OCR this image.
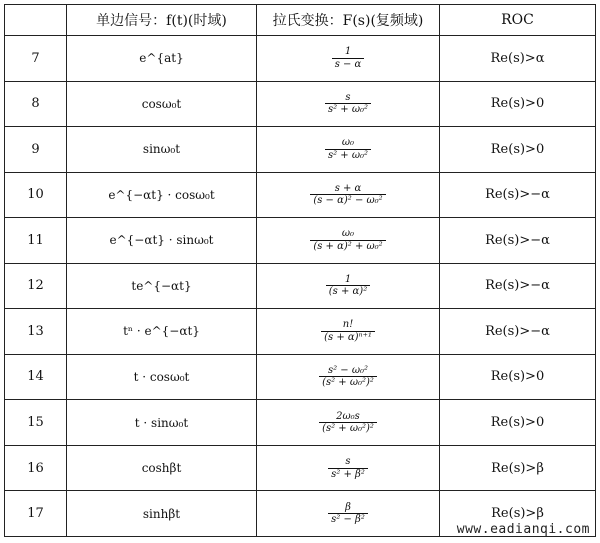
	单边信号：f(t)(时域)	拉氏变换：F(s)(复频域)	ROC
7	e^{at}	$\frac{1}{s - \alpha}$	Re(s)>α
8	cosω₀t	$\frac{s}{\text{s² + ω₀²}}$	Re(s)>0
9	sinω₀t	$\frac{\text{ω₀}}{\text{s² + ω₀²}}$	Re(s)>0
10	e^{−αt} · cosω₀t	$\frac{s + \alpha}{\text{(s − α)² − ω₀²}}$	Re(s)>−α
11	e^{−αt} · sinω₀t	$\frac{\text{ω₀}}{\text{(s + α)² + ω₀²}}$	Re(s)>−α
12	te^{−αt}	$\frac{1}{\text{(s + α)²}}$	Re(s)>−α
13	tⁿ · e^{−αt}	$\frac{n!}{\text{(s + α)ⁿ⁺¹}}$	Re(s)>−α
14	t · cosω₀t	$\frac{\text{s² − ω₀²}}{\text{(s² + ω₀²)²}}$	Re(s)>0
15	t · sinω₀t	$\frac{\text{2ω₀s}}{\text{(s² + ω₀²)²}}$	Re(s)>0
16	coshβt	$\frac{s}{\text{s² + β²}}$	Re(s)>β
17	sinhβt	$\frac{\beta}{\text{s² − β²}}$	Re(s)>β
www.eadianqi.com
